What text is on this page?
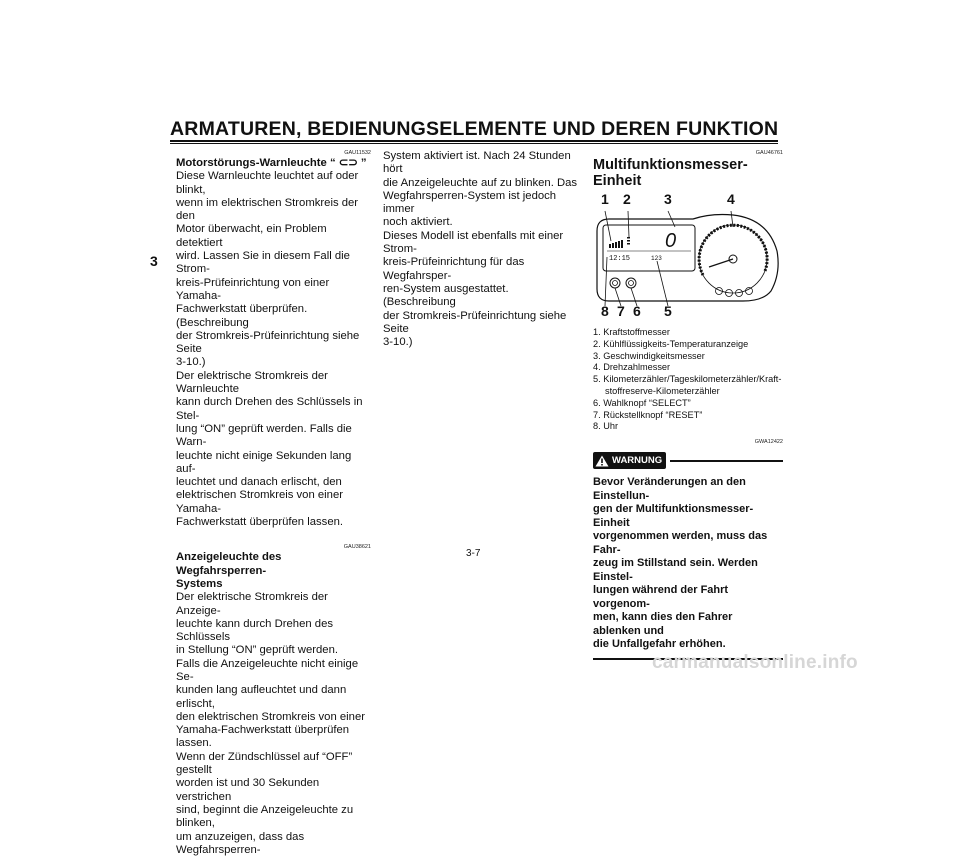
ARMATUREN, BEDIENUNGSELEMENTE UND DEREN FUNKTION
3
GAU11532
Motorstörungs-Warnleuchte “ ⊂⊃ ”
Diese Warnleuchte leuchtet auf oder blinkt,
wenn im elektrischen Stromkreis der den
Motor überwacht, ein Problem detektiert
wird. Lassen Sie in diesem Fall die Strom-
kreis-Prüfeinrichtung von einer Yamaha-
Fachwerkstatt überprüfen. (Beschreibung
der Stromkreis-Prüfeinrichtung siehe Seite
3-10.)
Der elektrische Stromkreis der Warnleuchte
kann durch Drehen des Schlüssels in Stel-
lung “ON” geprüft werden. Falls die Warn-
leuchte nicht einige Sekunden lang auf-
leuchtet und danach erlischt, den
elektrischen Stromkreis von einer Yamaha-
Fachwerkstatt überprüfen lassen.
GAU38621
Anzeigeleuchte des Wegfahrsperren-
Systems
Der elektrische Stromkreis der Anzeige-
leuchte kann durch Drehen des Schlüssels
in Stellung “ON” geprüft werden.
Falls die Anzeigeleuchte nicht einige Se-
kunden lang aufleuchtet und dann erlischt,
den elektrischen Stromkreis von einer
Yamaha-Fachwerkstatt überprüfen lassen.
Wenn der Zündschlüssel auf “OFF” gestellt
worden ist und 30 Sekunden verstrichen
sind, beginnt die Anzeigeleuchte zu blinken,
um anzuzeigen, dass das Wegfahrsperren-
System aktiviert ist. Nach 24 Stunden hört
die Anzeigeleuchte auf zu blinken. Das
Wegfahrsperren-System ist jedoch immer
noch aktiviert.
Dieses Modell ist ebenfalls mit einer Strom-
kreis-Prüfeinrichtung für das Wegfahrsper-
ren-System ausgestattet. (Beschreibung
der Stromkreis-Prüfeinrichtung siehe Seite
3-10.)
GAU46761
Multifunktionsmesser-Einheit
1 2 3	4
12:15	123
0
8 7 6 5
1. Kraftstoffmesser
2. Kühlflüssigkeits-Temperaturanzeige
3. Geschwindigkeitsmesser
4. Drehzahlmesser
5. Kilometerzähler/Tageskilometerzähler/Kraft-
stoffreserve-Kilometerzähler
6. Wahlknopf “SELECT”
7. Rückstellknopf “RESET”
8. Uhr
GWA12422
WARNUNG
Bevor Veränderungen an den Einstellun-
gen der Multifunktionsmesser-Einheit
vorgenommen werden, muss das Fahr-
zeug im Stillstand sein. Werden Einstel-
lungen während der Fahrt vorgenom-
men, kann dies den Fahrer ablenken und
die Unfallgefahr erhöhen.
3-7
carmanualsonline.info
